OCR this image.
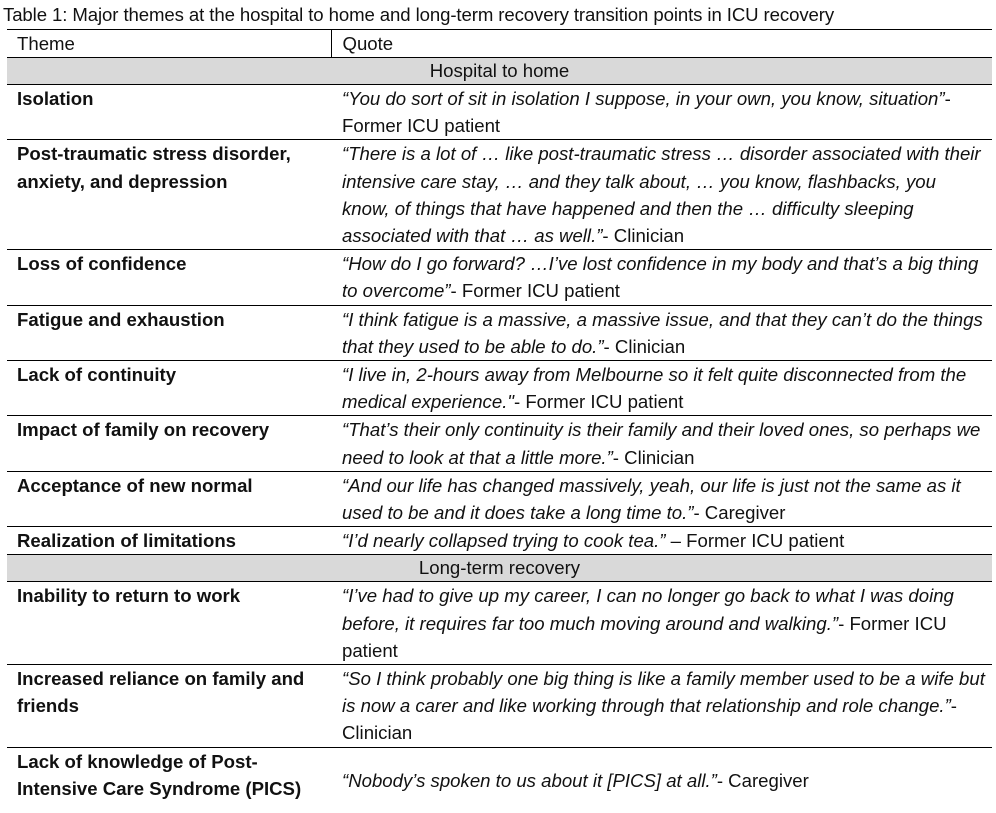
Table 1: Major themes at the hospital to home and long-term recovery transition points in ICU recovery
Theme	Quote
Hospital to home	
Isolation	“You do sort of sit in isolation I suppose, in your own, you know, situation”- Former ICU patient
Post-traumatic stress disorder, anxiety, and depression	“There is a lot of … like post-traumatic stress … disorder associated with their intensive care stay, … and they talk about, … you know, flashbacks, you know, of things that have happened and then the … difficulty sleeping associated with that … as well.”- Clinician
Loss of confidence	“How do I go forward? …I’ve lost confidence in my body and that’s a big thing to overcome”- Former ICU patient
Fatigue and exhaustion	“I think fatigue is a massive, a massive issue, and that they can’t do the things that they used to be able to do.”- Clinician
Lack of continuity	“I live in, 2-hours away from Melbourne so it felt quite disconnected from the medical experience."- Former ICU patient
Impact of family on recovery	“That’s their only continuity is their family and their loved ones, so perhaps we need to look at that a little more.”- Clinician
Acceptance of new normal	“And our life has changed massively, yeah, our life is just not the same as it used to be and it does take a long time to.”- Caregiver
Realization of limitations	“I’d nearly collapsed trying to cook tea.” – Former ICU patient
Long-term recovery	
Inability to return to work	“I’ve had to give up my career, I can no longer go back to what I was doing before, it requires far too much moving around and walking.”- Former ICU patient
Increased reliance on family and friends	“So I think probably one big thing is like a family member used to be a wife but is now a carer and like working through that relationship and role change.”- Clinician
Lack of knowledge of Post-Intensive Care Syndrome (PICS)	“Nobody’s spoken to us about it [PICS] at all.”- Caregiver
